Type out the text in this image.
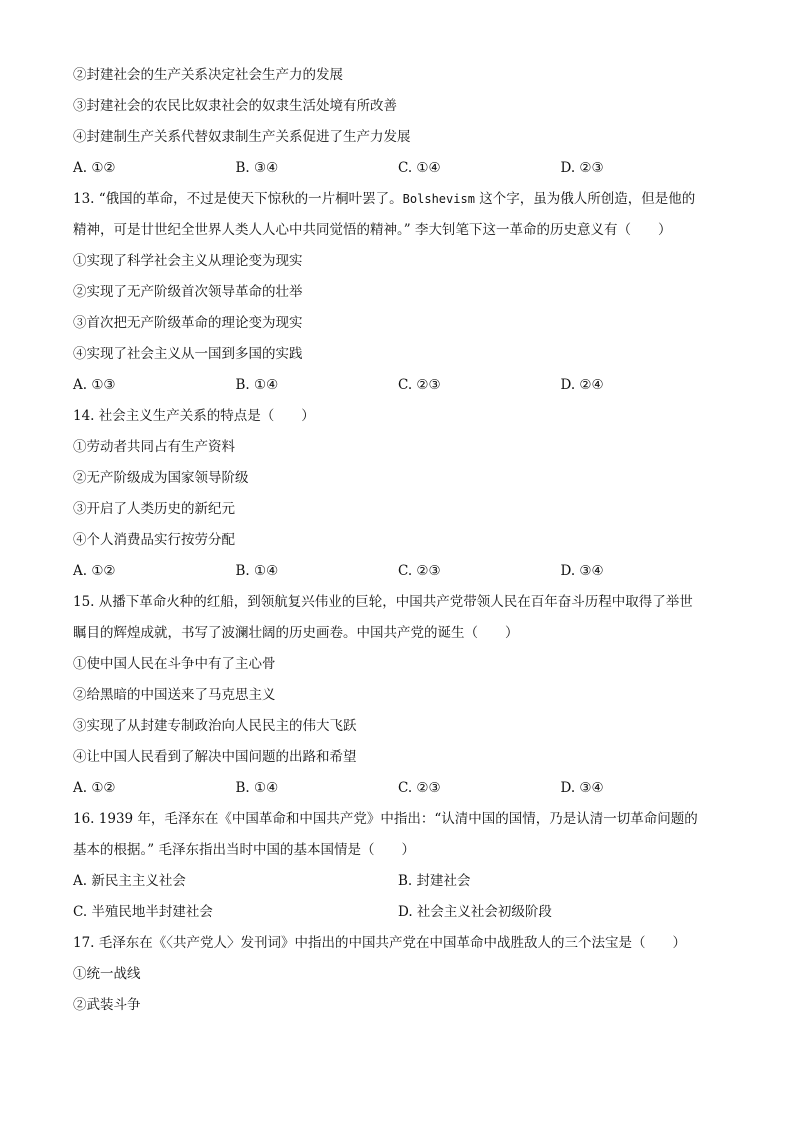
②封建社会的生产关系决定社会生产力的发展
③封建社会的农民比奴隶社会的奴隶生活处境有所改善
④封建制生产关系代替奴隶制生产关系促进了生产力发展
A. ①②	B. ③④	C. ①④	D. ②③
13. “俄国的革命，不过是使天下惊秋的一片桐叶罢了。Bolshevism 这个字，虽为俄人所创造，但是他的
精神，可是廿世纪全世界人类人人心中共同觉悟的精神。” 李大钊笔下这一革命的历史意义有（　　）
①实现了科学社会主义从理论变为现实
②实现了无产阶级首次领导革命的壮举
③首次把无产阶级革命的理论变为现实
④实现了社会主义从一国到多国的实践
A. ①③	B. ①④	C. ②③	D. ②④
14. 社会主义生产关系的特点是（　　）
①劳动者共同占有生产资料
②无产阶级成为国家领导阶级
③开启了人类历史的新纪元
④个人消费品实行按劳分配
A. ①②	B. ①④	C. ②③	D. ③④
15. 从播下革命火种的红船，到领航复兴伟业的巨轮，中国共产党带领人民在百年奋斗历程中取得了举世
瞩目的辉煌成就，书写了波澜壮阔的历史画卷。中国共产党的诞生（　　）
①使中国人民在斗争中有了主心骨
②给黑暗的中国送来了马克思主义
③实现了从封建专制政治向人民民主的伟大飞跃
④让中国人民看到了解决中国问题的出路和希望
A. ①②	B. ①④	C. ②③	D. ③④
16. 1939 年，毛泽东在《中国革命和中国共产党》中指出：“认清中国的国情，乃是认清一切革命问题的
基本的根据。” 毛泽东指出当时中国的基本国情是（　　）
A. 新民主主义社会	B. 封建社会
C. 半殖民地半封建社会	D. 社会主义社会初级阶段
17. 毛泽东在《〈共产党人〉发刊词》中指出的中国共产党在中国革命中战胜敌人的三个法宝是（　　）
①统一战线
②武装斗争
